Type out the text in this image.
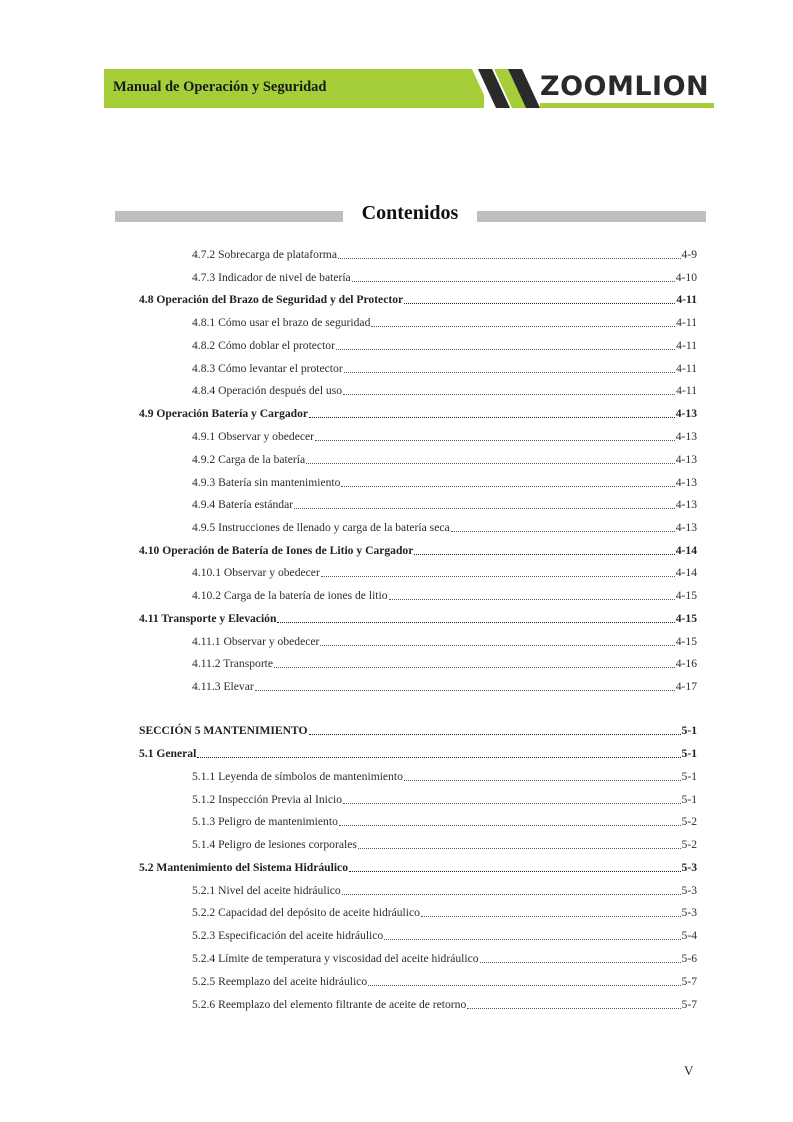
Manual de Operación y Seguridad	ZOOMLION
Contenidos
4.7.2 Sobrecarga de plataforma	4-9
4.7.3 Indicador de nivel de batería	4-10
4.8 Operación del Brazo de Seguridad y del Protector	4-11
4.8.1 Cómo usar el brazo de seguridad	4-11
4.8.2 Cómo doblar el protector	4-11
4.8.3 Cómo levantar el protector	4-11
4.8.4 Operación después del uso	4-11
4.9 Operación Batería y Cargador	4-13
4.9.1 Observar y obedecer	4-13
4.9.2 Carga de la batería	4-13
4.9.3 Batería sin mantenimiento	4-13
4.9.4 Batería estándar	4-13
4.9.5 Instrucciones de llenado y carga de la batería seca	4-13
4.10 Operación de Batería de Iones de Litio y Cargador	4-14
4.10.1 Observar y obedecer	4-14
4.10.2 Carga de la batería de iones de litio	4-15
4.11 Transporte y Elevación	4-15
4.11.1 Observar y obedecer	4-15
4.11.2 Transporte	4-16
4.11.3 Elevar	4-17
SECCIÓN 5 MANTENIMIENTO	5-1
5.1 General	5-1
5.1.1 Leyenda de símbolos de mantenimiento	5-1
5.1.2 Inspección Previa al Inicio	5-1
5.1.3 Peligro de mantenimiento	5-2
5.1.4 Peligro de lesiones corporales	5-2
5.2 Mantenimiento del Sistema Hidráulico	5-3
5.2.1 Nivel del aceite hidráulico	5-3
5.2.2 Capacidad del depósito de aceite hidráulico	5-3
5.2.3 Especificación del aceite hidráulico	5-4
5.2.4 Límite de temperatura y viscosidad del aceite hidráulico	5-6
5.2.5 Reemplazo del aceite hidráulico	5-7
5.2.6 Reemplazo del elemento filtrante de aceite de retorno	5-7
V
